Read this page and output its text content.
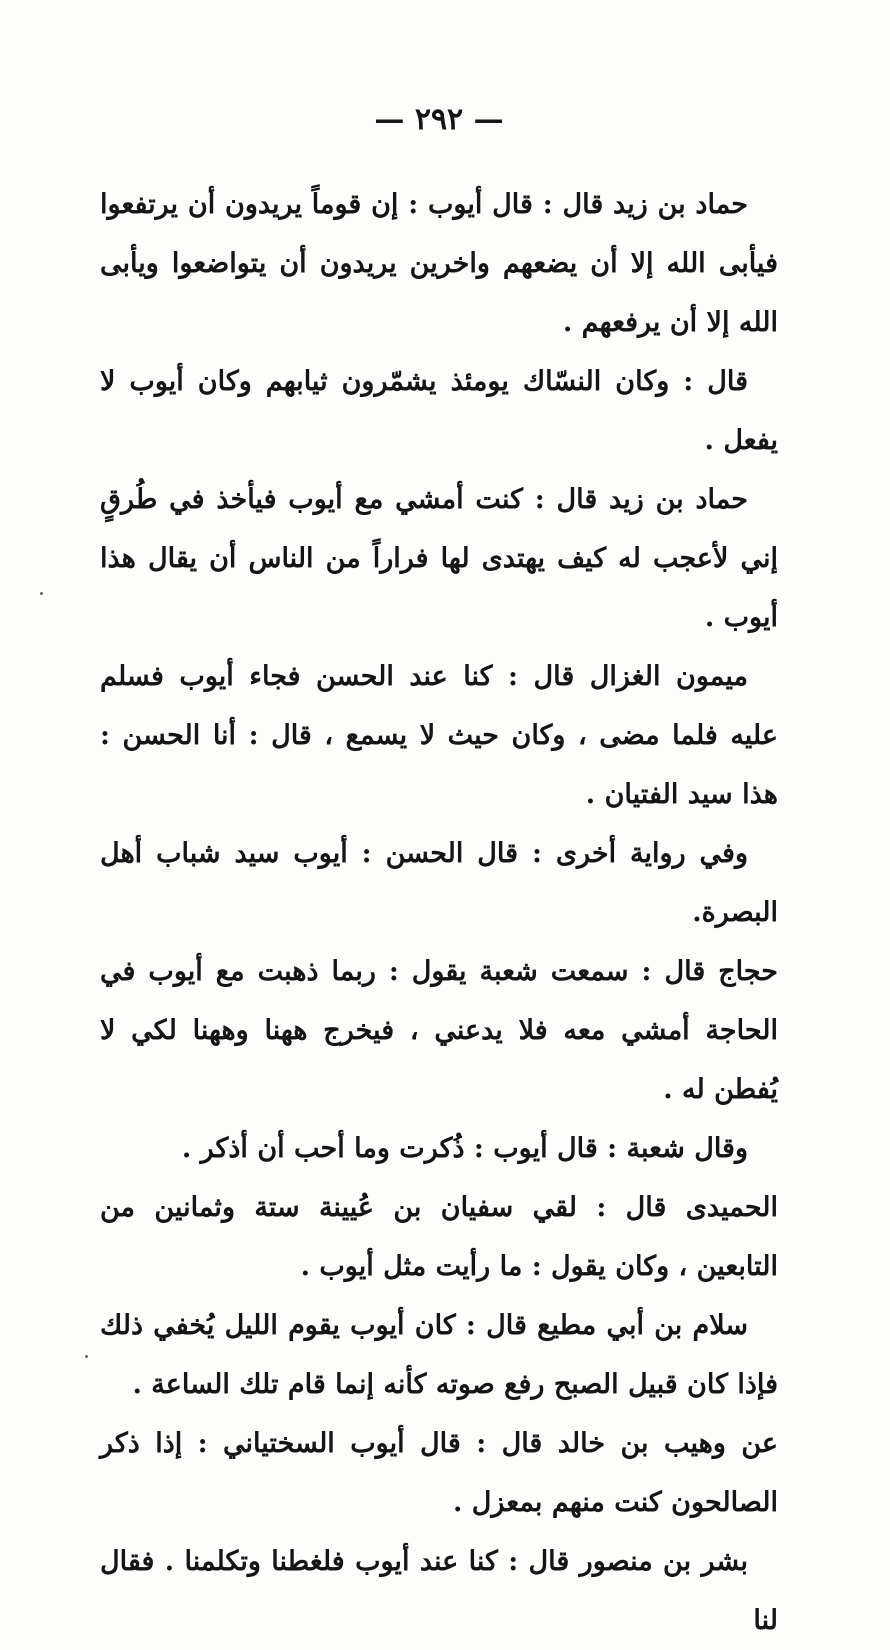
— ٢٩٢ —

حماد بن زيد قال : قال أيوب : إن قوماً يريدون أن يرتفعوا فيأبى الله إلا أن يضعهم واخرين يريدون أن يتواضعوا ويأبى الله إلا أن يرفعهم .

قال : وكان النسّاك يومئذ يشمّرون ثيابهم وكان أيوب لا يفعل .

حماد بن زيد قال : كنت أمشي مع أيوب فيأخذ في طُرقٍ إني لأعجب له كيف يهتدى لها فراراً من الناس أن يقال هذا أيوب .

ميمون الغزال قال : كنا عند الحسن فجاء أيوب فسلم عليه فلما مضى ، وكان حيث لا يسمع ، قال : أنا الحسن : هذا سيد الفتيان .

وفي رواية أخرى : قال الحسن : أيوب سيد شباب أهل البصرة.

حجاج قال : سمعت شعبة يقول : ربما ذهبت مع أيوب في الحاجة أمشي معه فلا يدعني ، فيخرج ههنا وههنا لكي لا يُفطن له .

وقال شعبة : قال أيوب : ذُكرت وما أحب أن أذكر .

الحميدى قال : لقي سفيان بن عُيينة ستة وثمانين من التابعين ، وكان يقول : ما رأيت مثل أيوب .

سلام بن أبي مطيع قال : كان أيوب يقوم الليل يُخفي ذلك فإذا كان قبيل الصبح رفع صوته كأنه إنما قام تلك الساعة .

عن وهيب بن خالد قال : قال أيوب السختياني : إذا ذكر الصالحون كنت منهم بمعزل .

بشر بن منصور قال : كنا عند أيوب فلغطنا وتكلمنا . فقال لنا
